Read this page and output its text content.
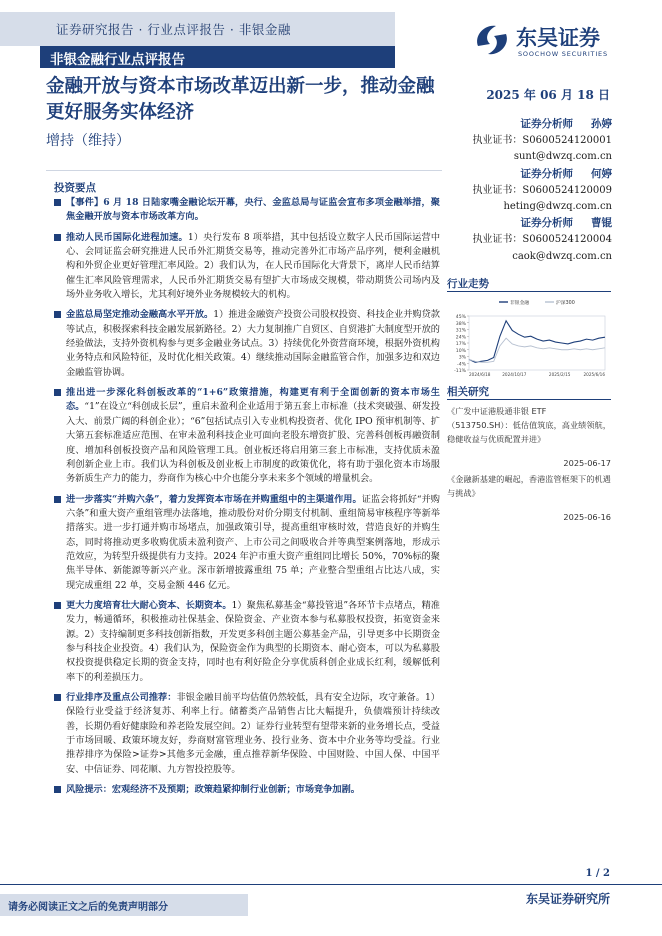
证券研究报告 · 行业点评报告 · 非银金融
非银金融行业点评报告
东吴证券
SOOCHOW SECURITIES
金融开放与资本市场改革迈出新一步，推动金融更好服务实体经济
增持（维持）
2025 年 06 月 18 日
证券分析师 孙婷
执业证书：S0600524120001
sunt@dwzq.com.cn
证券分析师 何婷
执业证书：S0600524120009
heting@dwzq.com.cn
证券分析师 曹锟
执业证书：S0600524120004
caok@dwzq.com.cn
投资要点
【事件】6 月 18 日陆家嘴金融论坛开幕，央行、金监总局与证监会宣布多项金融举措，聚焦金融开放与资本市场改革方向。
推动人民币国际化进程加速。1）央行发布 8 项举措，其中包括设立数字人民币国际运营中心、会同证监会研究推进人民币外汇期货交易等，推动完善外汇市场产品序列，便利金融机构和外贸企业更好管理汇率风险。2）我们认为，在人民币国际化大背景下，离岸人民币结算催生汇率风险管理需求，人民币外汇期货交易有望扩大市场成交规模，带动期货公司场内及场外业务收入增长，尤其利好境外业务规模较大的机构。
金监总局坚定推动金融高水平开放。1）推进金融资产投资公司股权投资、科技企业并购贷款等试点，积极探索科技金融发展新路径。2）大力复制推广自贸区、自贸港扩大制度型开放的经验做法，支持外资机构参与更多金融业务试点。3）持续优化外资营商环境，根据外资机构业务特点和风险特征，及时优化相关政策。4）继续推动国际金融监管合作，加强多边和双边金融监管协调。
推出进一步深化科创板改革的“1+6”政策措施，构建更有利于全面创新的资本市场生态。“1”在设立“科创成长层”，重启未盈利企业适用于第五套上市标准（技术突破强、研发投入大、前景广阔的科创企业）；“6”包括试点引入专业机构投资者、优化 IPO 预审机制等、扩大第五套标准适应范围、在审未盈利科技企业可面向老股东增资扩股、完善科创板再融资制度、增加科创板投资产品和风险管理工具。创业板还将启用第三套上市标准，支持优质未盈利创新企业上市。我们认为科创板及创业板上市制度的政策优化，将有助于强化资本市场服务新质生产力的能力，券商作为核心中介也能分享未来多个领域的增量机会。
进一步落实“并购六条”，着力发挥资本市场在并购重组中的主渠道作用。证监会将抓好“并购六条”和重大资产重组管理办法落地，推动股份对价分期支付机制、重组简易审核程序等新举措落实。进一步打通并购市场堵点，加强政策引导，提高重组审核时效，营造良好的并购生态，同时将推动更多收购优质未盈利资产、上市公司之间吸收合并等典型案例落地，形成示范效应，为转型升级提供有力支持。2024 年沪市重大资产重组同比增长 50%，70%标的聚焦半导体、新能源等新兴产业。深市新增披露重组 75 单；产业整合型重组占比达八成，实现完成重组 22 单，交易金额 446 亿元。
更大力度培育壮大耐心资本、长期资本。1）聚焦私募基金“募投管退”各环节卡点堵点，精准发力，畅通循环，积极推动社保基金、保险资金、产业资本参与私募股权投资，拓宽资金来源。2）支持编制更多科技创新指数，开发更多科创主题公募基金产品，引导更多中长期资金参与科技企业投资。4）我们认为，保险资金作为典型的长期资本、耐心资本，可以为私募股权投资提供稳定长期的资金支持，同时也有利好险企分享优质科创企业成长红利，缓解低利率下的利差损压力。
行业排序及重点公司推荐：非银金融目前平均估值仍然较低，具有安全边际，攻守兼备。1）保险行业受益于经济复苏、利率上行。储蓄类产品销售占比大幅提升，负债端预计持续改善，长期仍看好健康险和养老险发展空间。2）证券行业转型有望带来新的业务增长点，受益于市场回暖、政策环境友好，券商财富管理业务、投行业务、资本中介业务等均受益。行业推荐排序为保险>证券>其他多元金融，重点推荐新华保险、中国财险、中国人保、中国平安、中信证券、同花顺、九方智投控股等。
风险提示：宏观经济不及预期；政策趋紧抑制行业创新；市场竞争加剧。
行业走势
45%
38%
31%
24%
17%
10%
3%
-4%
-11%
2024/6/18	2024/10/17	2025/2/15	2025/6/16
非银金融	沪深300
相关研究
《广发中证港股通非银 ETF（513750.SH）：低估值筑底，高业绩领航，稳健收益与优质配置并进》
2025-06-17
《金融新基建的崛起，香港监管框架下的机遇与挑战》
2025-06-16
1 / 2
请务必阅读正文之后的免责声明部分
东吴证券研究所
